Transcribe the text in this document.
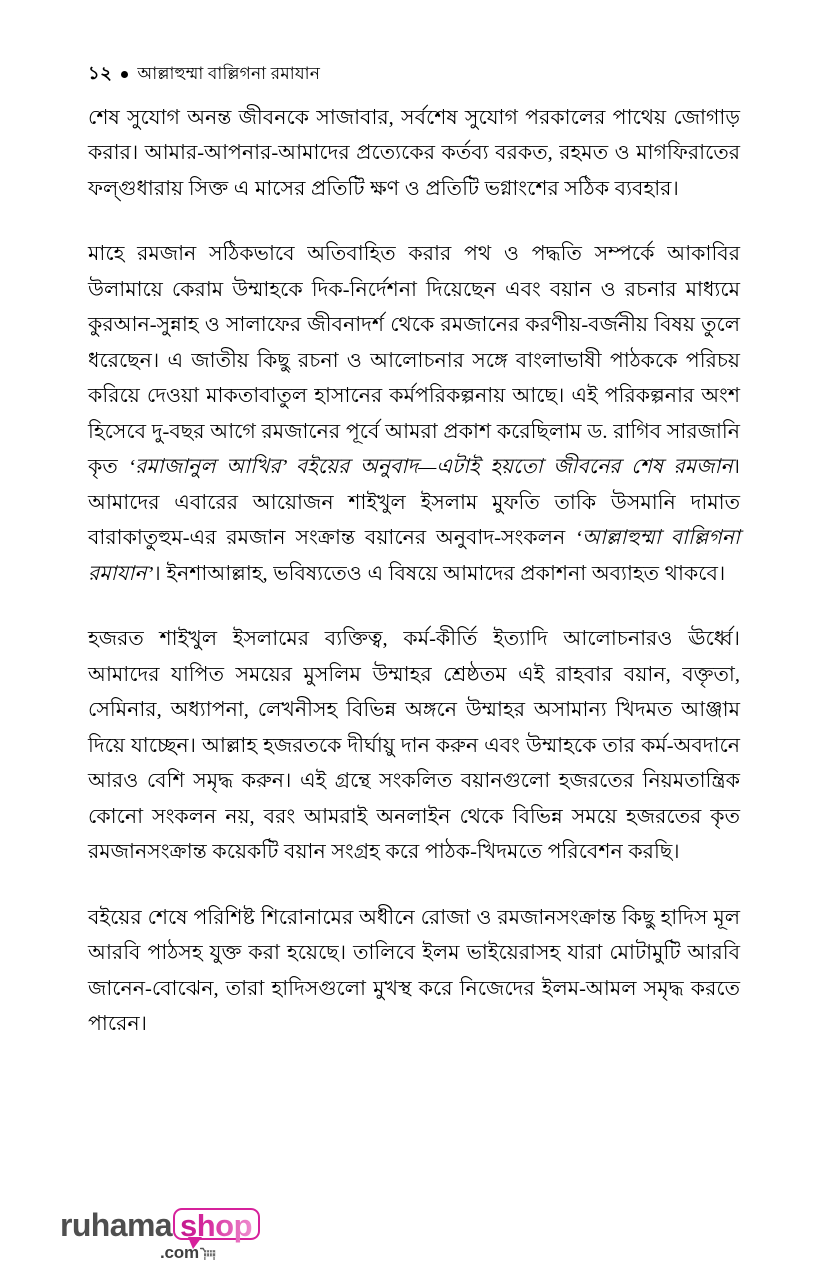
১২ আল্লাহুম্মা বাল্লিগনা রমাযান

শেষ সুযোগ অনন্ত জীবনকে সাজাবার, সর্বশেষ সুযোগ পরকালের পাথেয় জোগাড় করার। আমার-আপনার-আমাদের প্রত্যেকের কর্তব্য বরকত, রহমত ও মাগফিরাতের ফল্গুধারায় সিক্ত এ মাসের প্রতিটি ক্ষণ ও প্রতিটি ভগ্নাংশের সঠিক ব্যবহার।

মাহে রমজান সঠিকভাবে অতিবাহিত করার পথ ও পদ্ধতি সম্পর্কে আকাবির উলামায়ে কেরাম উম্মাহকে দিক-নির্দেশনা দিয়েছেন এবং বয়ান ও রচনার মাধ্যমে কুরআন-সুন্নাহ ও সালাফের জীবনাদর্শ থেকে রমজানের করণীয়-বর্জনীয় বিষয় তুলে ধরেছেন। এ জাতীয় কিছু রচনা ও আলোচনার সঙ্গে বাংলাভাষী পাঠককে পরিচয় করিয়ে দেওয়া মাকতাবাতুল হাসানের কর্মপরিকল্পনায় আছে। এই পরিকল্পনার অংশ হিসেবে দু-বছর আগে রমজানের পূর্বে আমরা প্রকাশ করেছিলাম ড. রাগিব সারজানি কৃত ‘রমাজানুল আখির’ বইয়ের অনুবাদ—এটাই হয়তো জীবনের শেষ রমজান। আমাদের এবারের আয়োজন শাইখুল ইসলাম মুফতি তাকি উসমানি দামাত বারাকাতুহুম-এর রমজান সংক্রান্ত বয়ানের অনুবাদ-সংকলন ‘আল্লাহুম্মা বাল্লিগনা রমাযান’। ইনশাআল্লাহ, ভবিষ্যতেও এ বিষয়ে আমাদের প্রকাশনা অব্যাহত থাকবে।

হজরত শাইখুল ইসলামের ব্যক্তিত্ব, কর্ম-কীর্তি ইত্যাদি আলোচনারও ঊর্ধ্বে। আমাদের যাপিত সময়ের মুসলিম উম্মাহর শ্রেষ্ঠতম এই রাহবার বয়ান, বক্তৃতা, সেমিনার, অধ্যাপনা, লেখনীসহ বিভিন্ন অঙ্গনে উম্মাহর অসামান্য খিদমত আঞ্জাম দিয়ে যাচ্ছেন। আল্লাহ হজরতকে দীর্ঘায়ু দান করুন এবং উম্মাহকে তার কর্ম-অবদানে আরও বেশি সমৃদ্ধ করুন। এই গ্রন্থে সংকলিত বয়ানগুলো হজরতের নিয়মতান্ত্রিক কোনো সংকলন নয়, বরং আমরাই অনলাইন থেকে বিভিন্ন সময়ে হজরতের কৃত রমজানসংক্রান্ত কয়েকটি বয়ান সংগ্রহ করে পাঠক-খিদমতে পরিবেশন করছি।

বইয়ের শেষে পরিশিষ্ট শিরোনামের অধীনে রোজা ও রমজানসংক্রান্ত কিছু হাদিস মূল আরবি পাঠসহ যুক্ত করা হয়েছে। তালিবে ইলম ভাইয়েরাসহ যারা মোটামুটি আরবি জানেন-বোঝেন, তারা হাদিসগুলো মুখস্থ করে নিজেদের ইলম-আমল সমৃদ্ধ করতে পারেন।

ruhama shop
.com
